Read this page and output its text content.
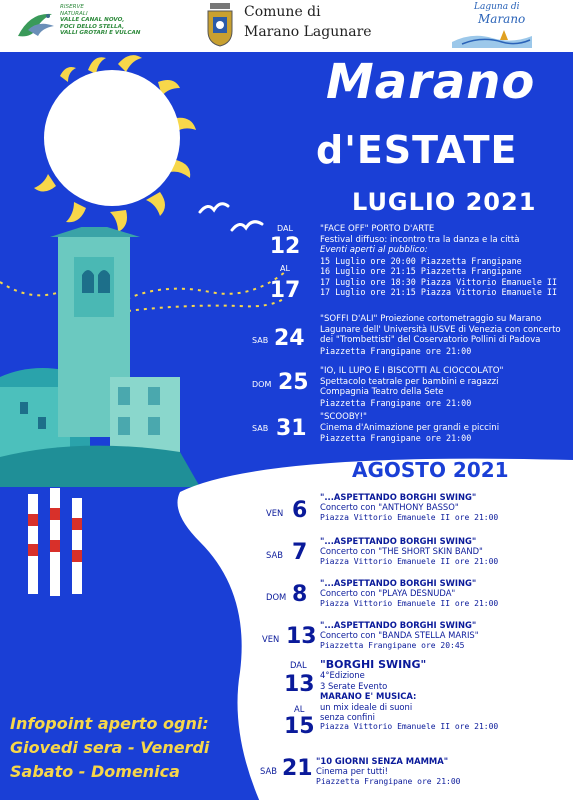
RISERVE
NATURALI
VALLE CANAL NOVO,
FOCI DELLO STELLA,
VALLI GROTARI E VULCAN
Comune di
Marano Lagunare
Laguna di
Marano
Marano
d'ESTATE
LUGLIO 2021
DAL
12
AL
17
"FACE OFF" PORTO D'ARTE
Festival diffuso: incontro tra la danza e la città
Eventi aperti al pubblico:
15 Luglio ore 20:00 Piazzetta Frangipane
16 Luglio ore 21:15 Piazzetta Frangipane
17 Luglio ore 18:30 Piazza Vittorio Emanuele II
17 Luglio ore 21:15 Piazza Vittorio Emanuele II
SAB 24
"SOFFI D'ALI" Proiezione cortometraggio su Marano
Lagunare dell' Università IUSVE di Venezia con concerto
dei "Trombettisti" del Coservatorio Pollini di Padova
Piazzetta Frangipane ore 21:00
DOM 25 "IO, IL LUPO E I BISCOTTI AL CIOCCOLATO"
Spettacolo teatrale per bambini e ragazzi
Compagnia Teatro della Sete
Piazzetta Frangipane ore 21:00
SAB 31 "SCOOBY!"
Cinema d'Animazione per grandi e piccini
Piazzetta Frangipane ore 21:00
AGOSTO 2021
VEN 6
"...ASPETTANDO BORGHI SWING"
Concerto con "ANTHONY BASSO"
Piazza Vittorio Emanuele II ore 21:00
SAB 7 "...ASPETTANDO BORGHI SWING"
Concerto con "THE SHORT SKIN BAND"
Piazza Vittorio Emanuele II ore 21:00
DOM 8 "...ASPETTANDO BORGHI SWING"
Concerto con "PLAYA DESNUDA"
Piazza Vittorio Emanuele II ore 21:00
VEN 13 "...ASPETTANDO BORGHI SWING"
Concerto con "BANDA STELLA MARIS"
Piazzetta Frangipane ore 20:45
DAL
13
AL
15
"BORGHI SWING"
4°Edizione
3 Serate Evento
MARANO E' MUSICA:
un mix ideale di suoni
senza confini
Piazza Vittorio Emanuele II ore 21:00
SAB 21 "10 GIORNI SENZA MAMMA"
Cinema per tutti!
Piazzetta Frangipane ore 21:00
Infopoint aperto ogni:
Giovedi sera - Venerdi
Sabato - Domenica
